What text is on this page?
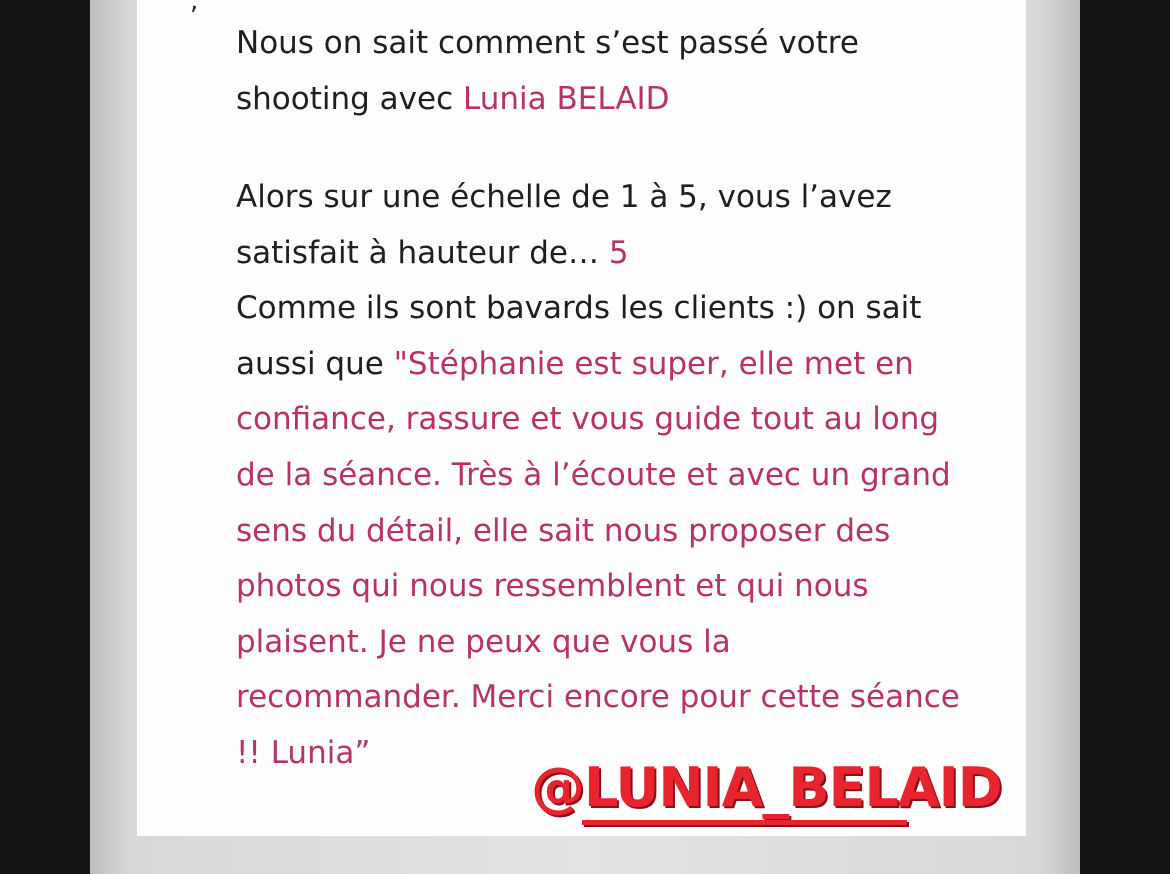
,
Nous on sait comment s’est passé votre
shooting avec Lunia BELAID
Alors sur une échelle de 1 à 5, vous l’avez
satisfait à hauteur de… 5
Comme ils sont bavards les clients :) on sait
aussi que "Stéphanie est super, elle met en
confiance, rassure et vous guide tout au long
de la séance. Très à l’écoute et avec un grand
sens du détail, elle sait nous proposer des
photos qui nous ressemblent et qui nous
plaisent. Je ne peux que vous la
recommander. Merci encore pour cette séance
!! Lunia”
@LUNIA_BELAID
